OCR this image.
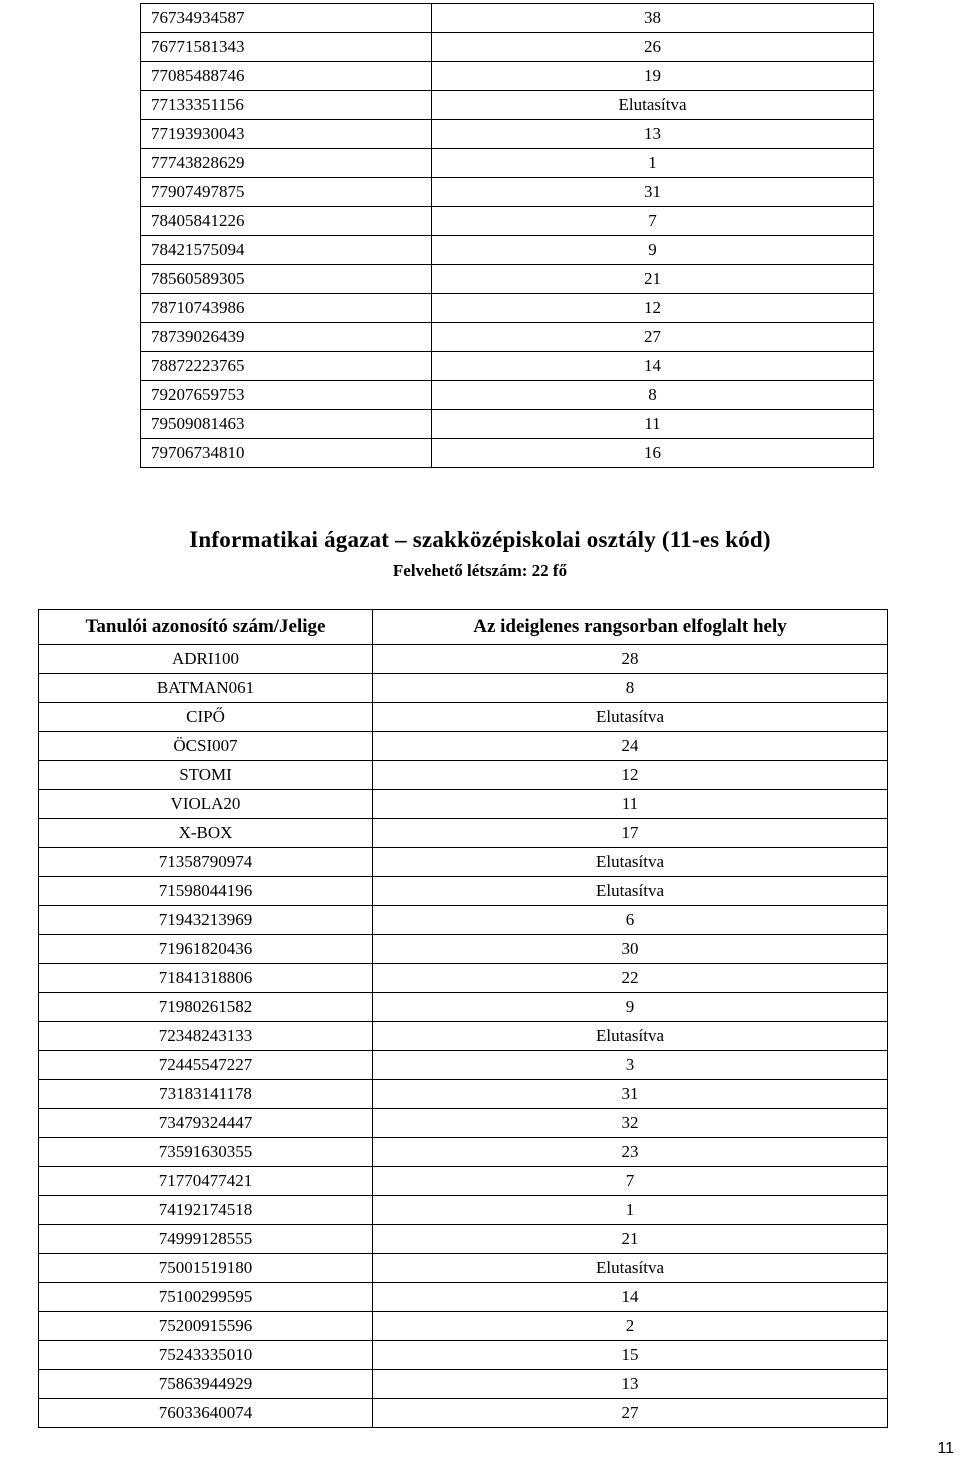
76734934587	38
76771581343	26
77085488746	19
77133351156	Elutasítva
77193930043	13
77743828629	1
77907497875	31
78405841226	7
78421575094	9
78560589305	21
78710743986	12
78739026439	27
78872223765	14
79207659753	8
79509081463	11
79706734810	16
Informatikai ágazat – szakközépiskolai osztály (11-es kód)
Felvehető létszám: 22 fő
Tanulói azonosító szám/Jelige	Az ideiglenes rangsorban elfoglalt hely
ADRI100	28
BATMAN061	8
CIPŐ	Elutasítva
ÖCSI007	24
STOMI	12
VIOLA20	11
X-BOX	17
71358790974	Elutasítva
71598044196	Elutasítva
71943213969	6
71961820436	30
71841318806	22
71980261582	9
72348243133	Elutasítva
72445547227	3
73183141178	31
73479324447	32
73591630355	23
71770477421	7
74192174518	1
74999128555	21
75001519180	Elutasítva
75100299595	14
75200915596	2
75243335010	15
75863944929	13
76033640074	27
11
